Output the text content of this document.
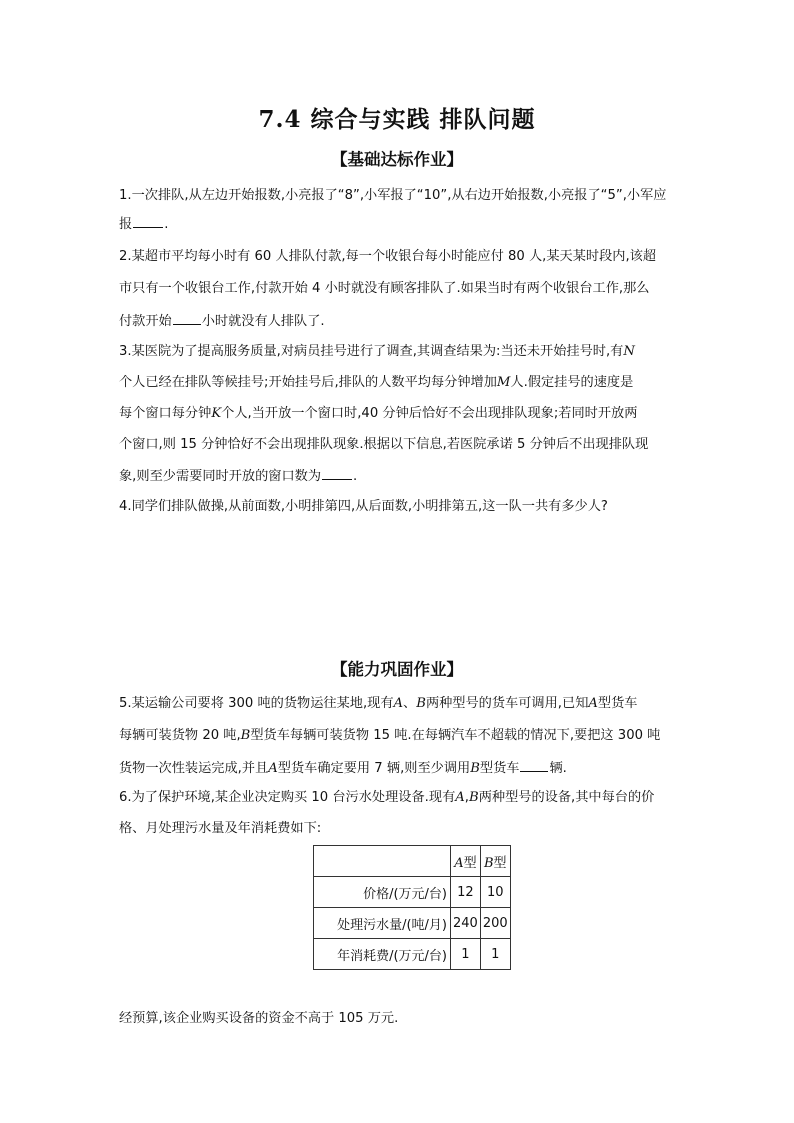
7.4 综合与实践 排队问题

【基础达标作业】

1.一次排队,从左边开始报数,小亮报了“8”,小军报了“10”,从右边开始报数,小亮报了“5”,小军应

报 .

2.某超市平均每小时有 60 人排队付款,每一个收银台每小时能应付 80 人,某天某时段内,该超

市只有一个收银台工作,付款开始 4 小时就没有顾客排队了.如果当时有两个收银台工作,那么

付款开始 小时就没有人排队了.

3.某医院为了提高服务质量,对病员挂号进行了调查,其调查结果为:当还未开始挂号时,有N

个人已经在排队等候挂号;开始挂号后,排队的人数平均每分钟增加M人.假定挂号的速度是

每个窗口每分钟K个人,当开放一个窗口时,40 分钟后恰好不会出现排队现象;若同时开放两

个窗口,则 15 分钟恰好不会出现排队现象.根据以下信息,若医院承诺 5 分钟后不出现排队现

象,则至少需要同时开放的窗口数为 .

4.同学们排队做操,从前面数,小明排第四,从后面数,小明排第五,这一队一共有多少人?

【能力巩固作业】

5.某运输公司要将 300 吨的货物运往某地,现有A、B两种型号的货车可调用,已知A型货车

每辆可装货物 20 吨,B型货车每辆可装货物 15 吨.在每辆汽车不超载的情况下,要把这 300 吨

货物一次性装运完成,并且A型货车确定要用 7 辆,则至少调用B型货车 辆.

6.为了保护环境,某企业决定购买 10 台污水处理设备.现有A,B两种型号的设备,其中每台的价

格、月处理污水量及年消耗费如下:

	A型	B型
价格/(万元/台)	12	10
处理污水量/(吨/月)	240	200
年消耗费/(万元/台)	1	1

经预算,该企业购买设备的资金不高于 105 万元.
